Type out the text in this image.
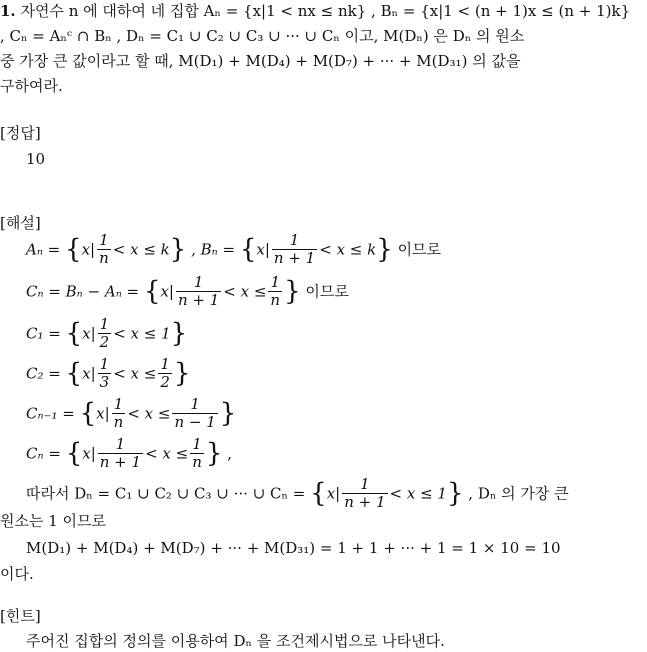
1. 자연수 n 에 대하여 네 집합 Aₙ = {x|1 < nx ≤ nk} , Bₙ = {x|1 < (n + 1)x ≤ (n + 1)k}
, Cₙ = Aₙᶜ ∩ Bₙ , Dₙ = C₁ ∪ C₂ ∪ C₃ ∪ ··· ∪ Cₙ 이고, M(Dₙ) 은 Dₙ 의 원소
중 가장 큰 값이라고 할 때, M(D₁) + M(D₄) + M(D₇) + ··· + M(D₃₁) 의 값을
구하여라.
[정답]
10
[해설]
$A_n = \{x| \frac{1}{n} < x \le k\}$ , $B_n = \{x| \frac{1}{n + 1} < x \le k\}$ 이므로
$C_n = B_n - A_n = \{x| \frac{1}{n + 1} < x \le \frac{1}{n}$ } 이므로
$C_1 = \{x| \frac{1}{2} < x \le 1\}$
$C_2 = \{x| \frac{1}{3} < x \le \frac{1}{2}$ }
$C_{n-1} = \{x| \frac{1}{n} < x \le \frac{1}{n - 1}$ }
$C_n = \{x| \frac{1}{n + 1} < x \le \frac{1}{n}$ } ,
따라서 Dₙ = C₁ ∪ C₂ ∪ C₃ ∪ ··· ∪ $C_n = \{x| \frac{1}{n + 1} < x \le 1\}$ , Dₙ 의 가장 큰
원소는 1 이므로
M(D₁) + M(D₄) + M(D₇) + ··· + M(D₃₁) = 1 + 1 + ··· + 1 = 1 × 10 = 10
이다.
[힌트]
주어진 집합의 정의를 이용하여 Dₙ 을 조건제시법으로 나타낸다.
